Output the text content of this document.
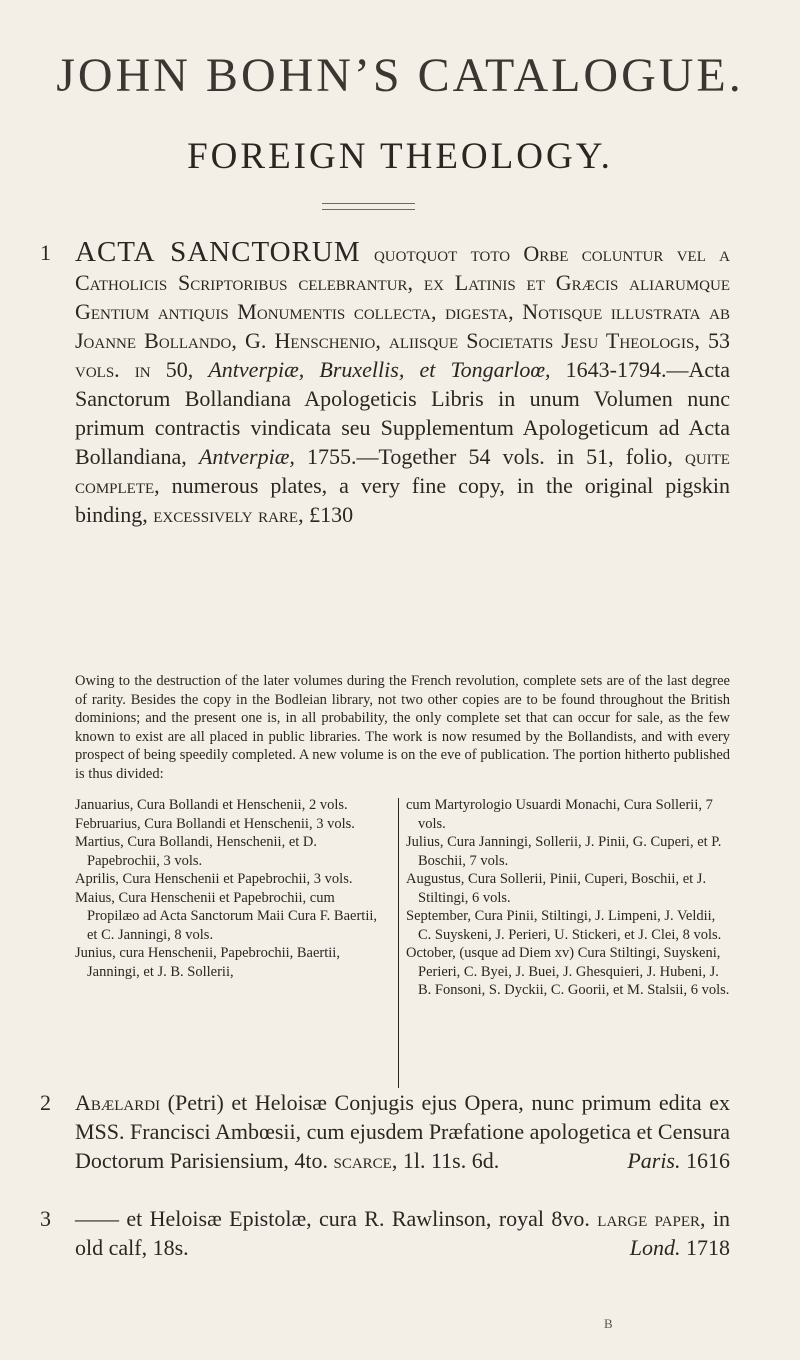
JOHN BOHN’S CATALOGUE.
FOREIGN THEOLOGY.
1 ACTA SANCTORUM quotquot toto Orbe coluntur vel a Catholicis Scriptoribus celebrantur, ex Latinis et Græcis aliarumque Gentium antiquis Monumentis collecta, digesta, Notisque illustrata ab Joanne Bollando, G. Henschenio, aliisque Societatis Jesu Theologis, 53 vols. in 50, Antverpiæ, Bruxellis, et Tongarloœ, 1643-1794.—Acta Sanctorum Bollandiana Apologeticis Libris in unum Volumen nunc primum contractis vindicata seu Supplementum Apologeticum ad Acta Bollandiana, Antverpiæ, 1755.—Together 54 vols. in 51, folio, quite complete, numerous plates, a very fine copy, in the original pigskin binding, excessively rare, £130
Owing to the destruction of the later volumes during the French revolution, complete sets are of the last degree of rarity. Besides the copy in the Bodleian library, not two other copies are to be found throughout the British dominions; and the present one is, in all probability, the only complete set that can occur for sale, as the few known to exist are all placed in public libraries. The work is now resumed by the Bollandists, and with every prospect of being speedily completed. A new volume is on the eve of publication. The portion hitherto published is thus divided:
Januarius, Cura Bollandi et Henschenii, 2 vols.
Februarius, Cura Bollandi et Henschenii, 3 vols.
Martius, Cura Bollandi, Henschenii, et D. Papebrochii, 3 vols.
Aprilis, Cura Henschenii et Papebrochii, 3 vols.
Maius, Cura Henschenii et Papebrochii, cum Propilæo ad Acta Sanctorum Maii Cura F. Baertii, et C. Janningi, 8 vols.
Junius, cura Henschenii, Papebrochii, Baertii, Janningi, et J. B. Sollerii,
cum Martyrologio Usuardi Monachi, Cura Sollerii, 7 vols.
Julius, Cura Janningi, Sollerii, J. Pinii, G. Cuperi, et P. Boschii, 7 vols.
Augustus, Cura Sollerii, Pinii, Cuperi, Boschii, et J. Stiltingi, 6 vols.
September, Cura Pinii, Stiltingi, J. Limpeni, J. Veldii, C. Suyskeni, J. Perieri, U. Stickeri, et J. Clei, 8 vols.
October, (usque ad Diem xv) Cura Stiltingi, Suyskeni, Perieri, C. Byei, J. Buei, J. Ghesquieri, J. Hubeni, J. B. Fonsoni, S. Dyckii, C. Goorii, et M. Stalsii, 6 vols.
2 Abælardi (Petri) et Heloisæ Conjugis ejus Opera, nunc primum edita ex MSS. Francisci Ambœsii, cum ejusdem Præfatione apologetica et Censura Doctorum Parisiensium, 4to. scarce, 1l. 11s. 6d.	Paris. 1616
3 —— et Heloisæ Epistolæ, cura R. Rawlinson, royal 8vo. large paper, in old calf, 18s.	Lond. 1718
B
